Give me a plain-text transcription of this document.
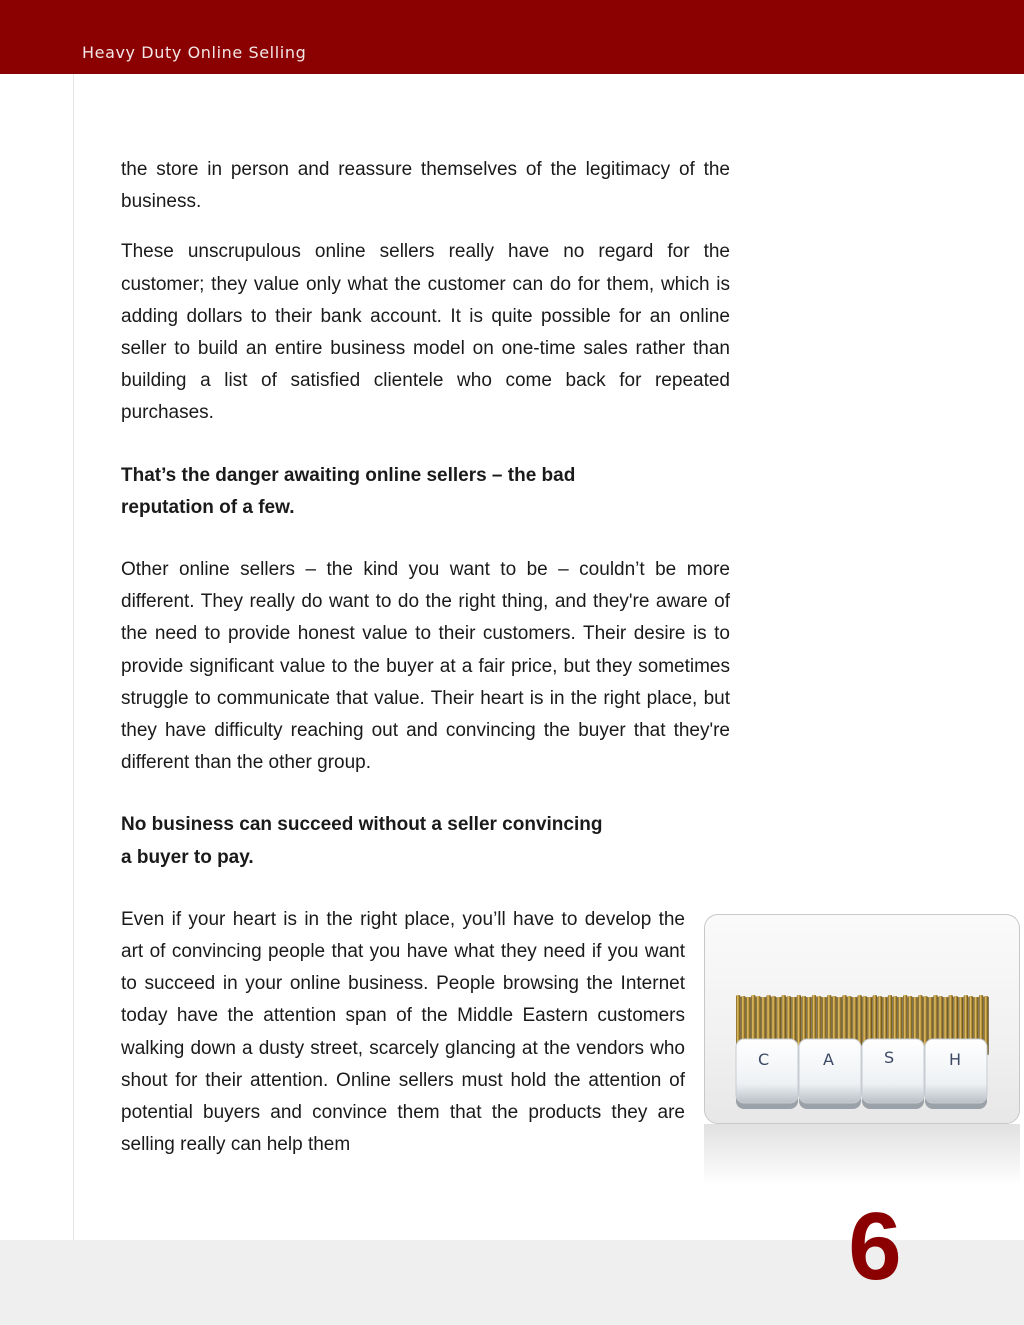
Heavy Duty Online Selling

the store in person and reassure themselves of the legitimacy of the business.

These unscrupulous online sellers really have no regard for the customer; they value only what the customer can do for them, which is adding dollars to their bank account. It is quite possible for an online seller to build an entire business model on one-time sales rather than building a list of satisfied clientele who come back for repeated purchases.

That’s the danger awaiting online sellers – the bad
reputation of a few.

Other online sellers – the kind you want to be – couldn’t be more different. They really do want to do the right thing, and they're aware of the need to provide honest value to their customers. Their desire is to provide significant value to the buyer at a fair price, but they sometimes struggle to communicate that value. Their heart is in the right place, but they have difficulty reaching out and convincing the buyer that they're different than the other group.

No business can succeed without a seller convincing
a buyer to pay.

Even if your heart is in the right place, you’ll have to develop the art of convincing people that you have what they need if you want to succeed in your online business. People browsing the Internet today have the attention span of the Middle Eastern customers walking down a dusty street, scarcely glancing at the vendors who shout for their attention. Online sellers must hold the attention of potential buyers and convince them that the products they are selling really can help them

C	A	S	H
6
